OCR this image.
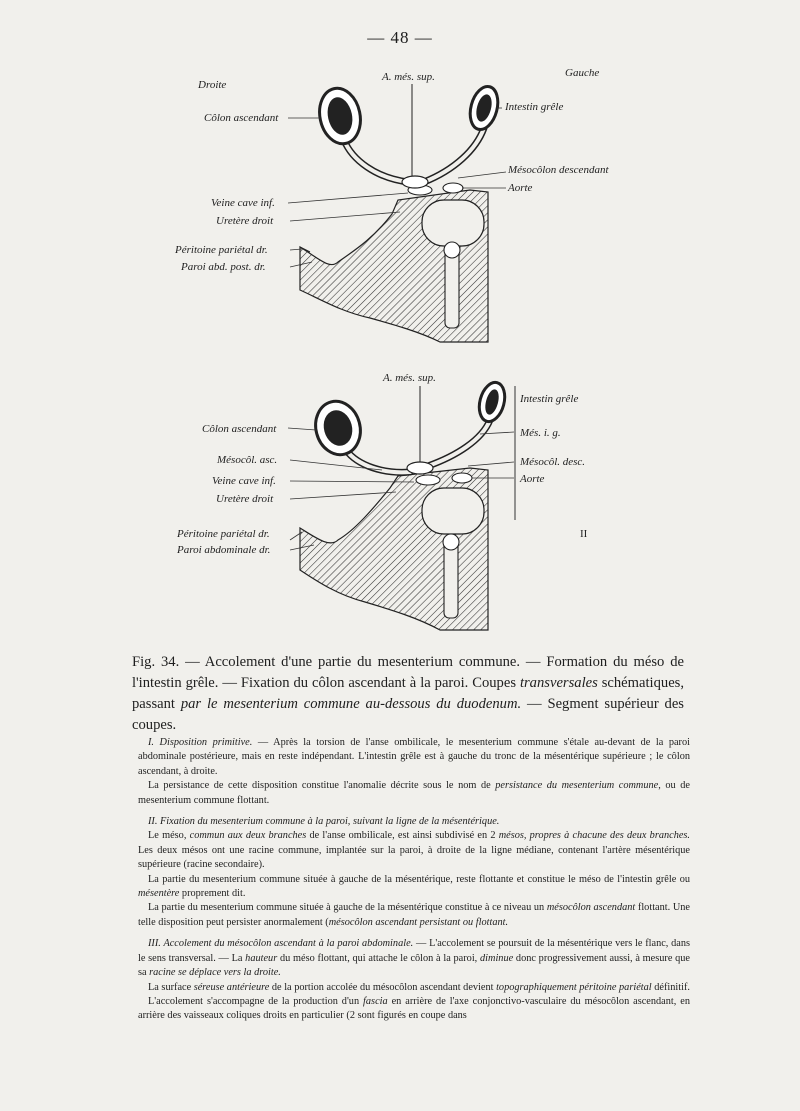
— 48 —
Droite
Gauche
A. més. sup.
Côlon ascendant
Intestin grêle
Mésocôlon descendant
Aorte
Veine cave inf.
Uretère droit
Péritoine pariétal dr.
Paroi abd. post. dr.
A. més. sup.
Intestin grêle
Més. i. g.
Côlon ascendant
Mésocôl. asc.	Mésocôl. desc.
Veine cave inf.	Aorte
Uretère droit
Péritoine pariétal dr.
Paroi abdominale dr.
II
Fig. 34. — Accolement d'une partie du mesenterium commune. — Formation du méso de l'intestin grêle. — Fixation du côlon ascendant à la paroi. Coupes transversales schématiques, passant par le mesenterium commune au-dessous du duodenum. — Segment supérieur des coupes.

I. Disposition primitive. — Après la torsion de l'anse ombilicale, le mesenterium commune s'étale au-devant de la paroi abdominale postérieure, mais en reste indépendant. L'intestin grêle est à gauche du tronc de la mésentérique supérieure ; le côlon ascendant, à droite.

La persistance de cette disposition constitue l'anomalie décrite sous le nom de persistance du mesenterium commune, ou de mesenterium commune flottant.

II. Fixation du mesenterium commune à la paroi, suivant la ligne de la mésentérique.

Le méso, commun aux deux branches de l'anse ombilicale, est ainsi subdivisé en 2 mésos, propres à chacune des deux branches. Les deux mésos ont une racine commune, implantée sur la paroi, à droite de la ligne médiane, contenant l'artère mésentérique supérieure (racine secondaire).

La partie du mesenterium commune située à gauche de la mésentérique, reste flottante et constitue le méso de l'intestin grêle ou mésentère proprement dit.

La partie du mesenterium commune située à gauche de la mésentérique constitue à ce niveau un mésocôlon ascendant flottant. Une telle disposition peut persister anormalement (mésocôlon ascendant persistant ou flottant.

III. Accolement du mésocôlon ascendant à la paroi abdominale. — L'accolement se poursuit de la mésentérique vers le flanc, dans le sens transversal. — La hauteur du méso flottant, qui attache le côlon à la paroi, diminue donc progressivement aussi, à mesure que sa racine se déplace vers la droite.

La surface séreuse antérieure de la portion accolée du mésocôlon ascendant devient topographiquement péritoine pariétal définitif.

L'accolement s'accompagne de la production d'un fascia en arrière de l'axe conjonctivo-vasculaire du mésocôlon ascendant, en arrière des vaisseaux coliques droits en particulier (2 sont figurés en coupe dans
